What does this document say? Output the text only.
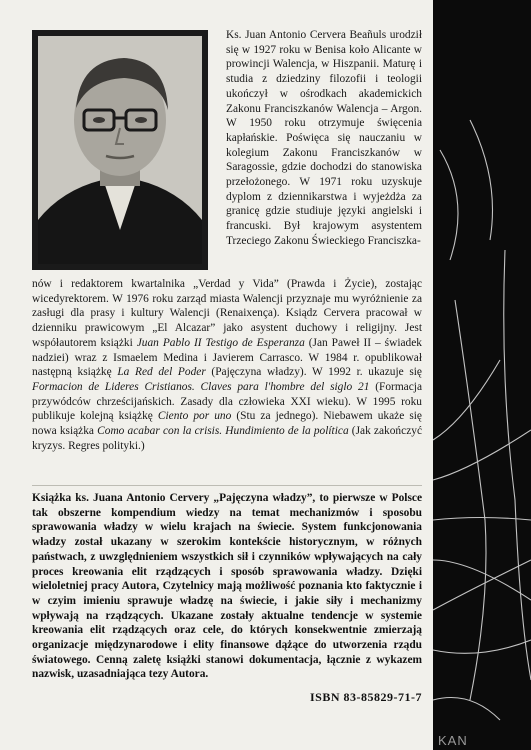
Ks. Juan Antonio Cervera Beañuls urodził się w 1927 roku w Benisa koło Alicante w prowincji Walencja, w Hiszpanii. Maturę i studia z dziedziny filozofii i teologii ukończył w ośrodkach akademickich Zakonu Franciszkanów Walencja – Argon. W 1950 roku otrzymuje święcenia kapłańskie. Poświęca się nauczaniu w kolegium Zakonu Franciszkanów w Saragossie, gdzie dochodzi do stanowiska przełożonego. W 1971 roku uzyskuje dyplom z dziennikarstwa i wyjeżdża za granicę gdzie studiuje języki angielski i francuski. Był krajowym asystentem Trzeciego Zakonu Świeckiego Franciszka-

nów i redaktorem kwartalnika „Verdad y Vida” (Prawda i Życie), zostając wicedyrektorem. W 1976 roku zarząd miasta Walencji przyznaje mu wyróżnienie za zasługi dla prasy i kultury Walencji (Renaixença). Ksiądz Cervera pracował w dzienniku prawicowym „El Alcazar” jako asystent duchowy i religijny. Jest współautorem książki Juan Pablo II Testigo de Esperanza (Jan Paweł II – świadek nadziei) wraz z Ismaelem Medina i Javierem Carrasco. W 1984 r. opublikował następną książkę La Red del Poder (Pajęczyna władzy). W 1992 r. ukazuje się Formacion de Lideres Cristianos. Claves para l'hombre del siglo 21 (Formacja przywódców chrześcijańskich. Zasady dla człowieka XXI wieku). W 1995 roku publikuje kolejną książkę Ciento por uno (Stu za jednego). Niebawem ukaże się nowa książka Como acabar con la crisis. Hundimiento de la política (Jak zakończyć kryzys. Regres polityki.)

Książka ks. Juana Antonio Cervery „Pajęczyna władzy”, to pierwsze w Polsce tak obszerne kompendium wiedzy na temat mechanizmów i sposobu sprawowania władzy w wielu krajach na świecie. System funkcjonowania władzy został ukazany w szerokim kontekście historycznym, w różnych państwach, z uwzględnieniem wszystkich sił i czynników wpływających na cały proces kreowania elit rządzących i sposób sprawowania władzy. Dzięki wieloletniej pracy Autora, Czytelnicy mają możliwość poznania kto faktycznie i w czyim imieniu sprawuje władzę na świecie, i jakie siły i mechanizmy wpływają na rządzących. Ukazane zostały aktualne tendencje w systemie kreowania elit rządzących oraz cele, do których konsekwentnie zmierzają organizacje międzynarodowe i elity finansowe dążące do utworzenia rządu światowego. Cenną zaletę książki stanowi dokumentacja, łącznie z wykazem nazwisk, uzasadniająca tezy Autora.

ISBN 83-85829-71-7
KAN
